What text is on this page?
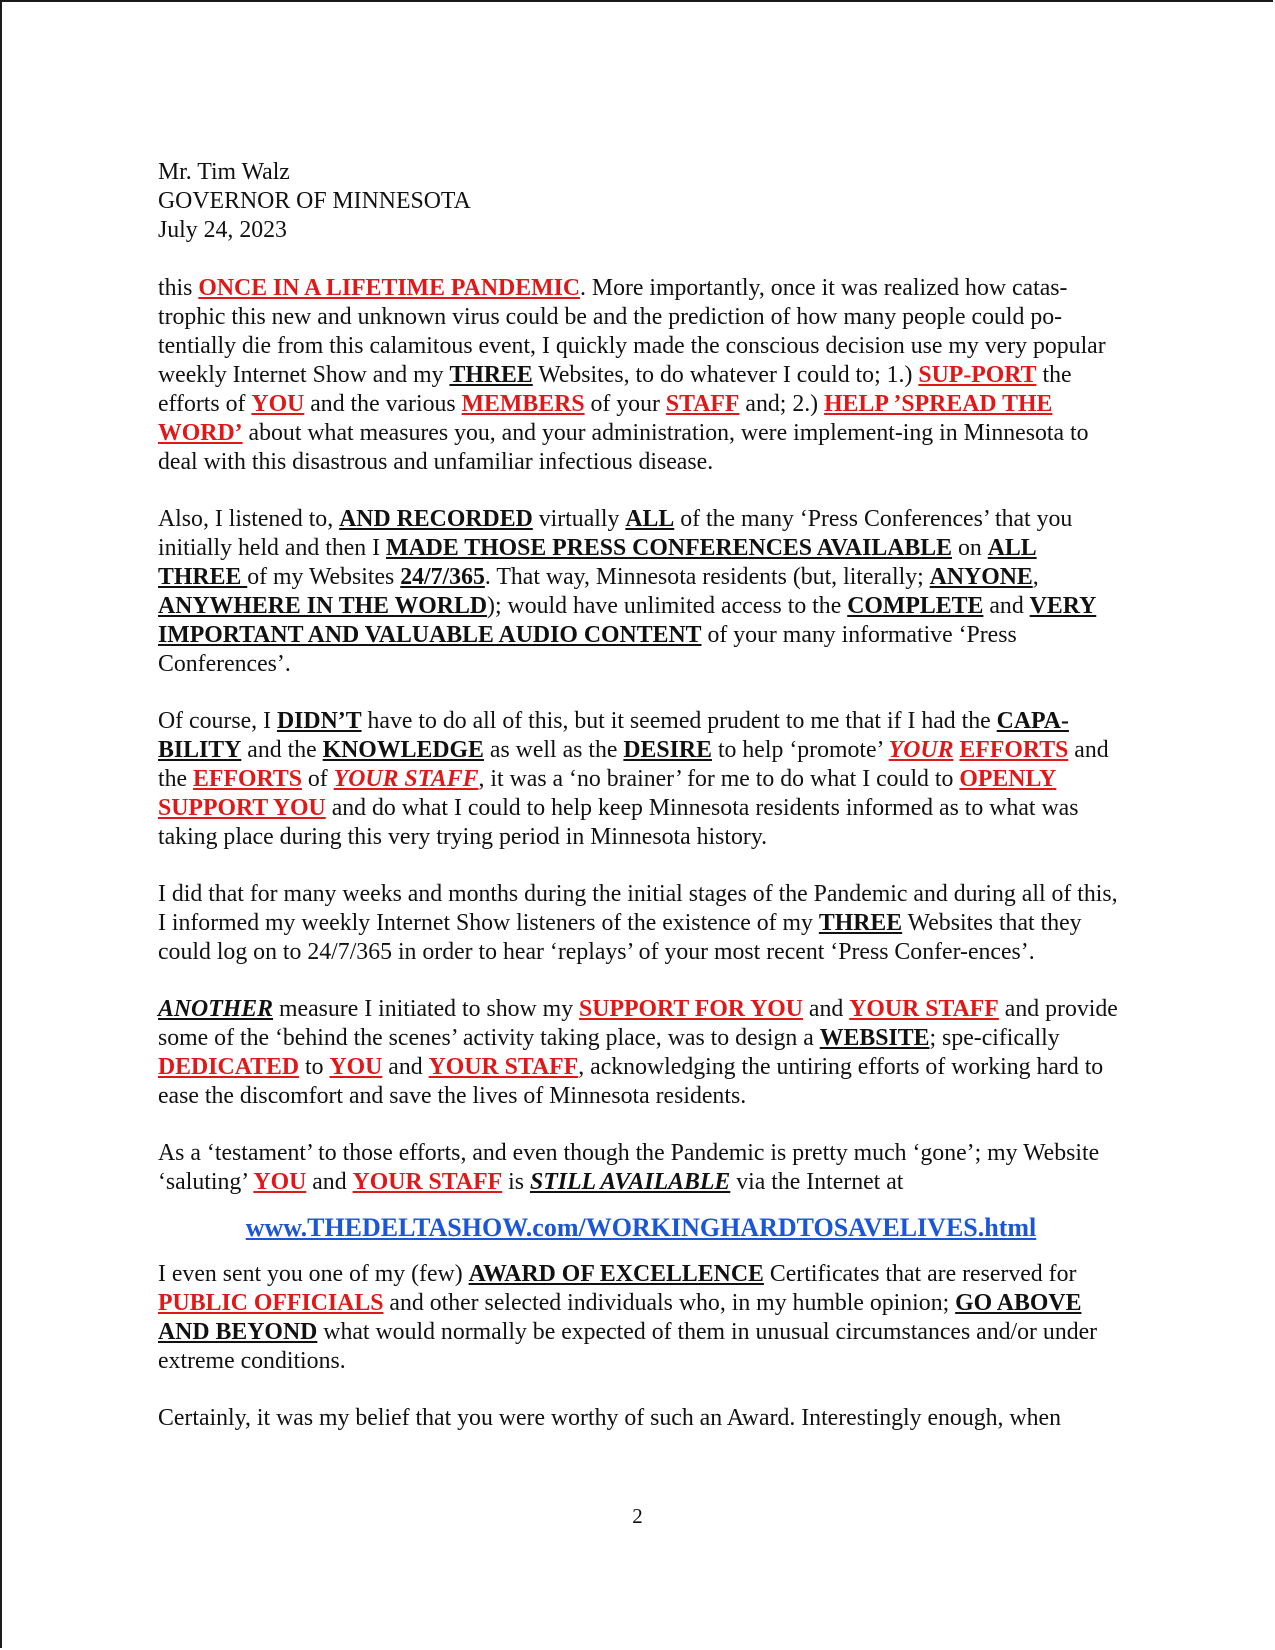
Mr. Tim Walz
GOVERNOR OF MINNESOTA
July 24, 2023

this ONCE IN A LIFETIME PANDEMIC. More importantly, once it was realized how catas-trophic this new and unknown virus could be and the prediction of how many people could po-tentially die from this calamitous event, I quickly made the conscious decision use my very popular weekly Internet Show and my THREE Websites, to do whatever I could to; 1.) SUP-PORT the efforts of YOU and the various MEMBERS of your STAFF and; 2.) HELP ’SPREAD THE WORD’ about what measures you, and your administration, were implement-ing in Minnesota to deal with this disastrous and unfamiliar infectious disease.

Also, I listened to, AND RECORDED virtually ALL of the many ‘Press Conferences’ that you initially held and then I MADE THOSE PRESS CONFERENCES AVAILABLE on ALL THREE of my Websites 24/7/365. That way, Minnesota residents (but, literally; ANYONE, ANYWHERE IN THE WORLD); would have unlimited access to the COMPLETE and VERY IMPORTANT AND VALUABLE AUDIO CONTENT of your many informative ‘Press Conferences’.

Of course, I DIDN’T have to do all of this, but it seemed prudent to me that if I had the CAPA-BILITY and the KNOWLEDGE as well as the DESIRE to help ‘promote’ YOUR EFFORTS and the EFFORTS of YOUR STAFF, it was a ‘no brainer’ for me to do what I could to OPENLY SUPPORT YOU and do what I could to help keep Minnesota residents informed as to what was taking place during this very trying period in Minnesota history.

I did that for many weeks and months during the initial stages of the Pandemic and during all of this, I informed my weekly Internet Show listeners of the existence of my THREE Websites that they could log on to 24/7/365 in order to hear ‘replays’ of your most recent ‘Press Confer-ences’.

ANOTHER measure I initiated to show my SUPPORT FOR YOU and YOUR STAFF and provide some of the ‘behind the scenes’ activity taking place, was to design a WEBSITE; spe-cifically DEDICATED to YOU and YOUR STAFF, acknowledging the untiring efforts of working hard to ease the discomfort and save the lives of Minnesota residents.

As a ‘testament’ to those efforts, and even though the Pandemic is pretty much ‘gone’; my Website ‘saluting’ YOU and YOUR STAFF is STILL AVAILABLE via the Internet at

www.THEDELTASHOW.com/WORKINGHARDTOSAVELIVES.html

I even sent you one of my (few) AWARD OF EXCELLENCE Certificates that are reserved for PUBLIC OFFICIALS and other selected individuals who, in my humble opinion; GO ABOVE AND BEYOND what would normally be expected of them in unusual circumstances and/or under extreme conditions.

Certainly, it was my belief that you were worthy of such an Award. Interestingly enough, when

2
